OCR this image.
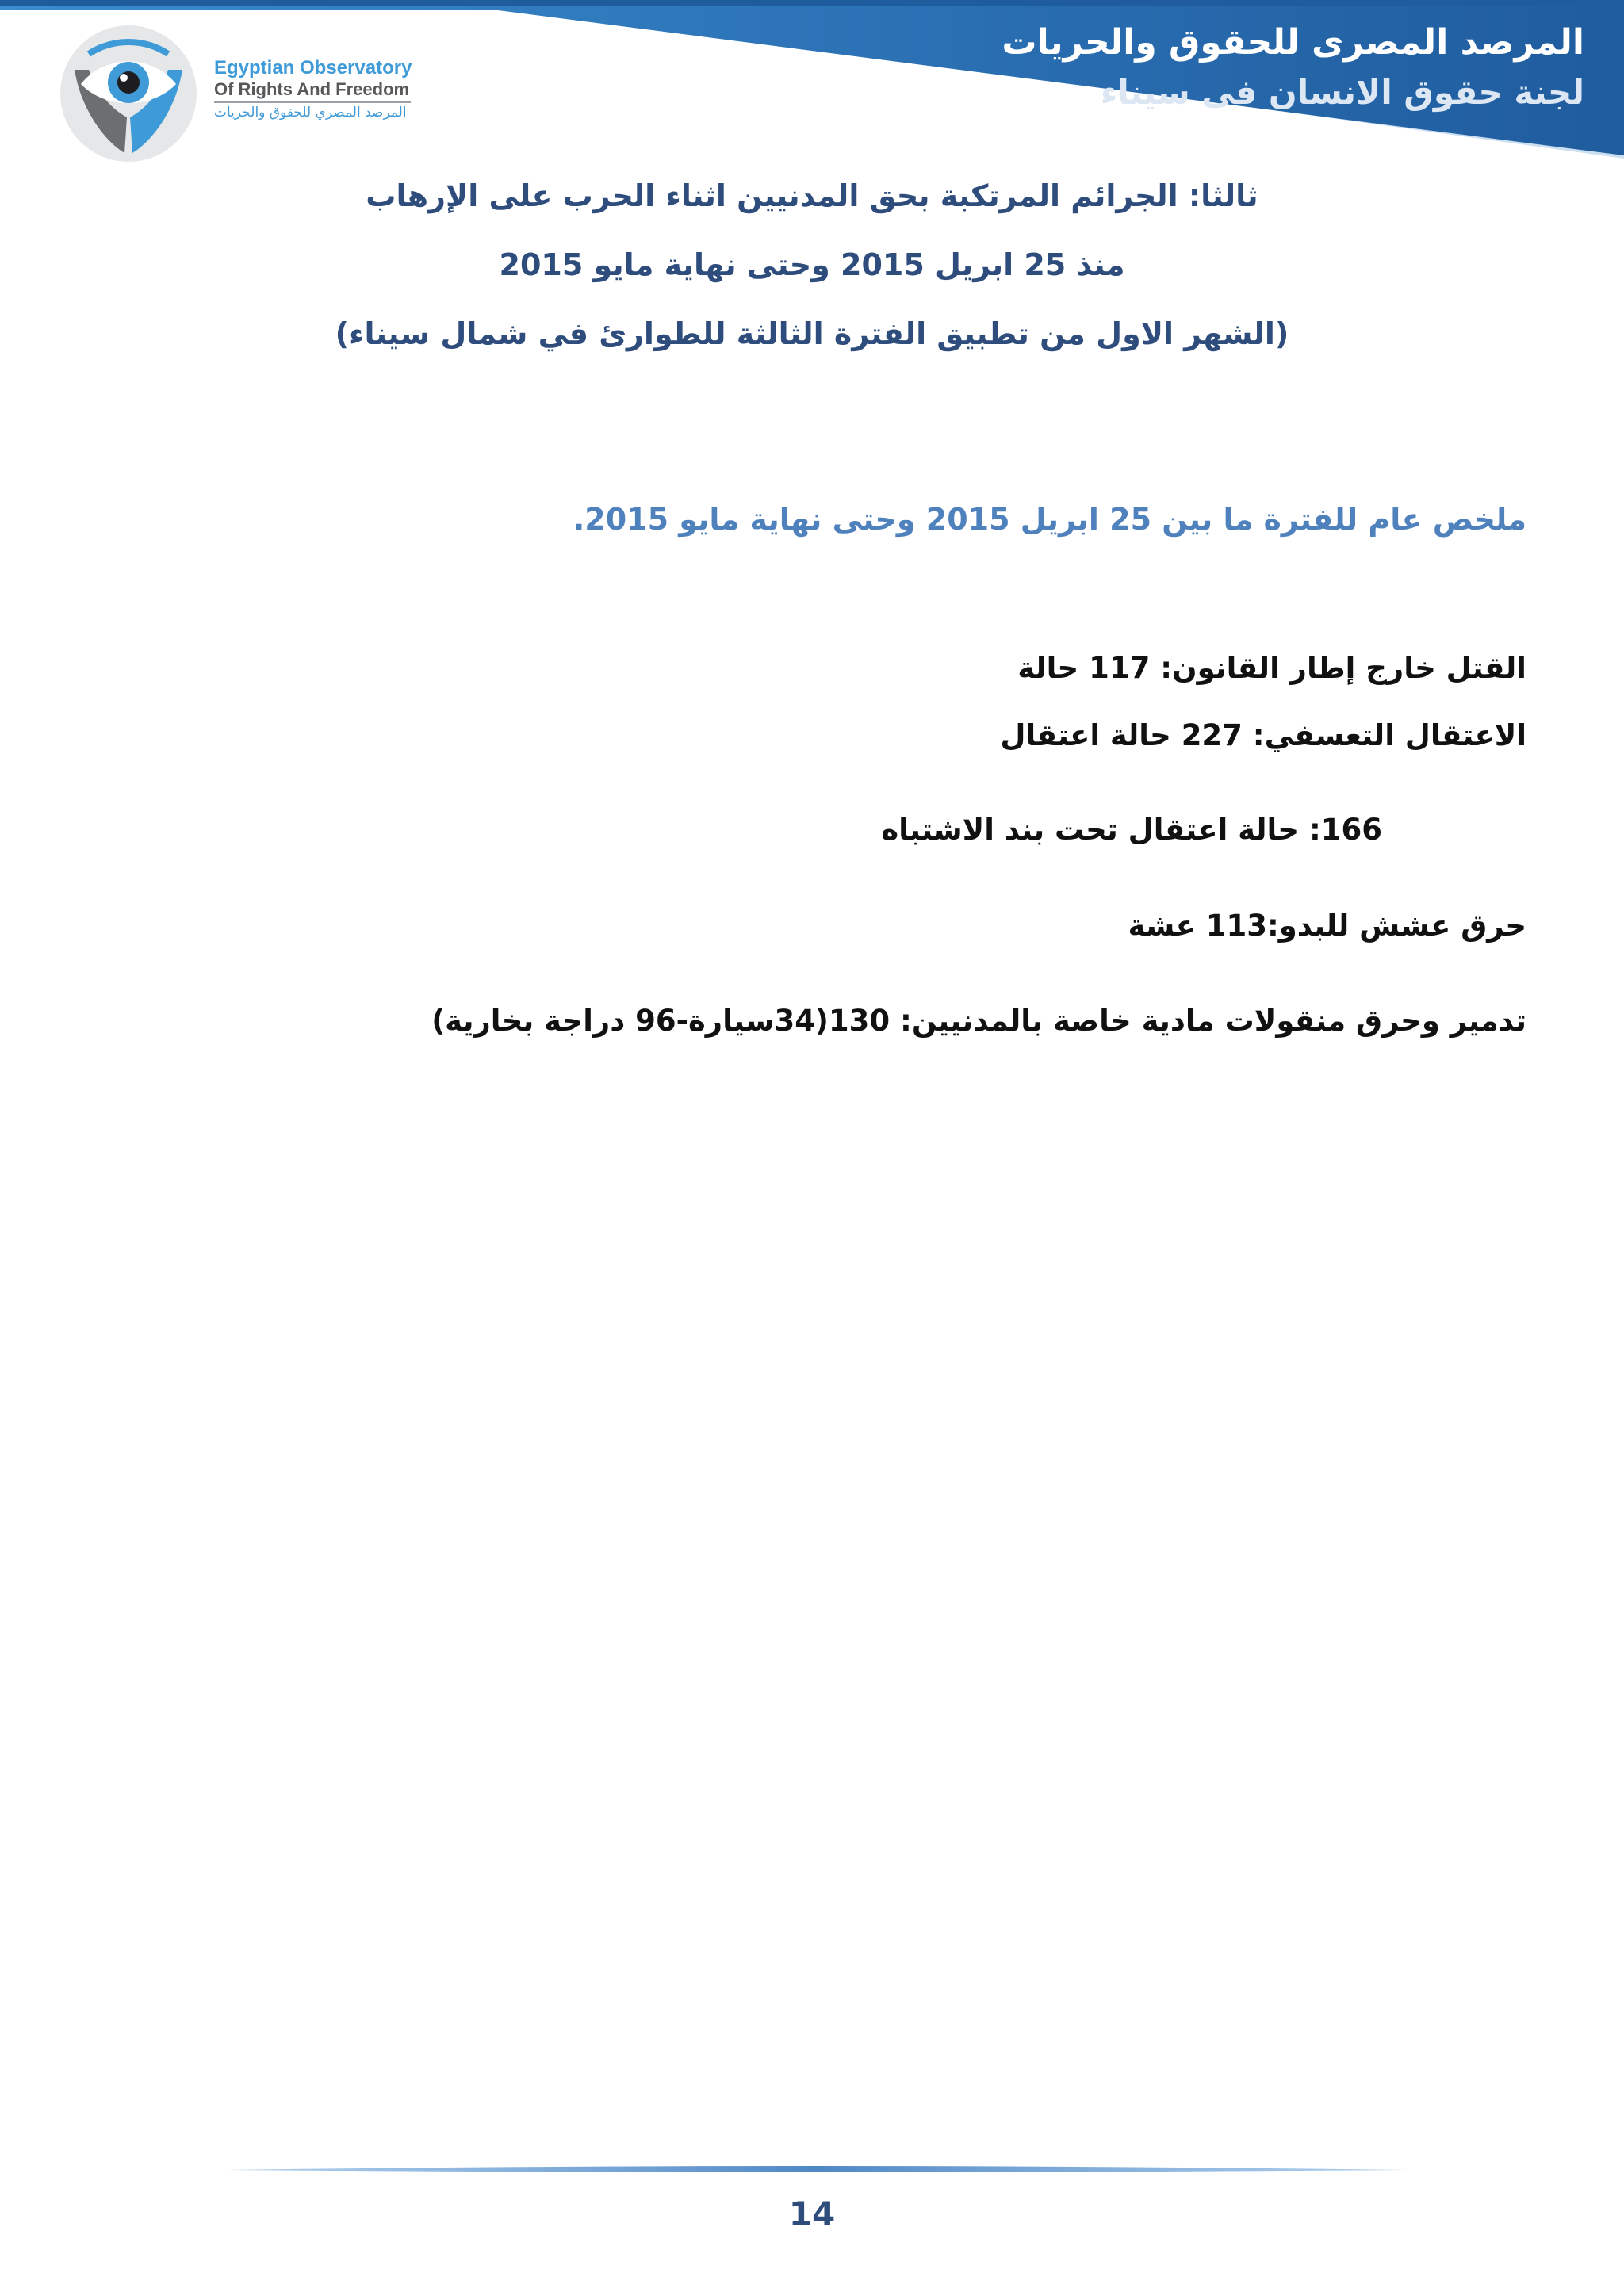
المرصد المصرى للحقوق والحريات
لجنة حقوق الانسان فى سيناء
Egyptian Observatory
Of Rights And Freedom
المرصد المصري للحقوق والحريات
ثالثا: الجرائم المرتكبة بحق المدنيين اثناء الحرب على الإرهاب
منذ 25 ابريل 2015 وحتى نهاية مايو 2015
(الشهر الاول من تطبيق الفترة الثالثة للطوارئ في شمال سيناء)
ملخص عام للفترة ما بين 25 ابريل 2015 وحتى نهاية مايو 2015.
القتل خارج إطار القانون: 117 حالة
الاعتقال التعسفي: 227 حالة اعتقال
166: حالة اعتقال تحت بند الاشتباه
حرق عشش للبدو:113 عشة
تدمير وحرق منقولات مادية خاصة بالمدنيين: 130(34سيارة-96 دراجة بخارية)
14
